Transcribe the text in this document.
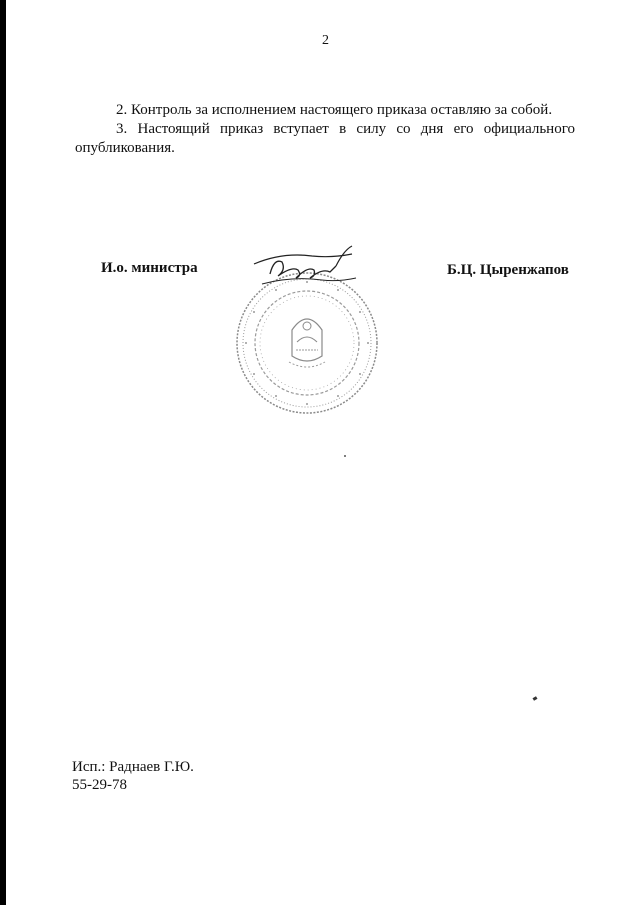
2

2. Контроль за исполнением настоящего приказа оставляю за собой.

3. Настоящий приказ вступает в силу со дня его официального опубликования.

И.о. министра	Б.Ц. Цыренжапов
Исп.: Раднаев Г.Ю.
55-29-78
